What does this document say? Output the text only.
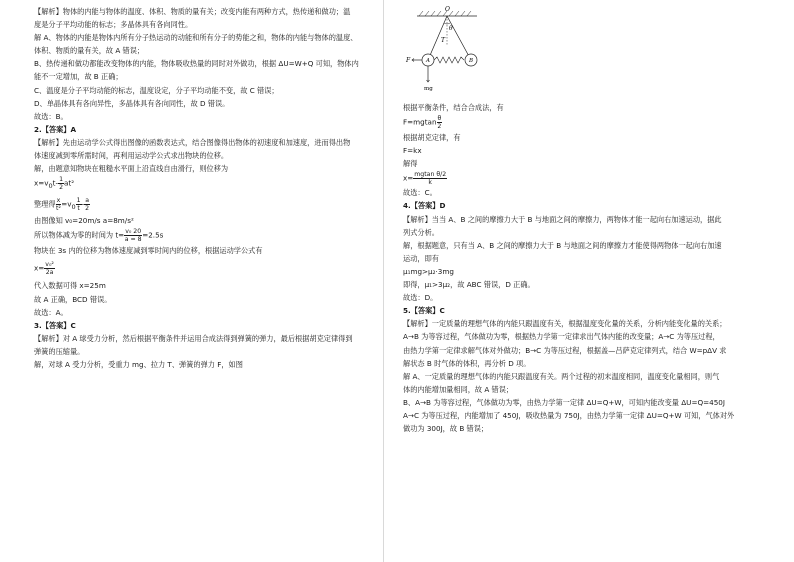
【解析】物体的内能与物体的温度、体积、物质的量有关；改变内能有两种方式，热传递和做功；温

度是分子平均动能的标志；多晶体具有各向同性。

解 A、物体的内能是物体内所有分子热运动的动能和所有分子的势能之和，物体的内能与物体的温度、

体积、物质的量有关，故 A 错误；

B、热传递和做功都能改变物体的内能，物体吸收热量的同时对外做功，根据 ΔU=W+Q 可知，物体内

能不一定增加，故 B 正确；

C、温度是分子平均动能的标志，温度设定，分子平均动能不变，故 C 错误；

D、单晶体具有各向异性，多晶体具有各向同性，故 D 错误。

故选：B。

2.【答案】A

【解析】先由运动学公式得出图像的函数表达式，结合图像得出物体的初速度和加速度，进而得出物

体速度减到零所需时间，再利用运动学公式求出物块的位移。

解，由题意知物块在粗糙水平面上沿直线自由滑行，则位移为

$x=v_0t- \frac{1}{2} at^2$

整理得 $\frac{x}{\text{t²}} =v_0 \frac{1}{t} - \frac{a}{2}$

由图像知 v₀=20m/s a=8m/s²

所以物体减为零的时间为 $t= \frac{\text{v₀ 20}}{a = 8} =2.5s$

物块在 3s 内的位移为物体速度减到零时间内的位移，根据运动学公式有

$x= \frac{\text{v₀²}}{2a}$

代入数据可得 x=25m

故 A 正确，BCD 错误。

故选：A。

3.【答案】C

【解析】对 A 球受力分析，然后根据平衡条件并运用合成法得到弹簧的弹力，最后根据胡克定律得到

弹簧的压缩量。

解，对球 A 受力分析，受重力 mg、拉力 T、弹簧的弹力 F，如图

O
θ
T
F	A	B
mg

根据平衡条件，结合合成法，有

$F=mgtan \frac{\theta}{2}$

根据胡克定律，有

F=kx

解得

$x= \frac{\text{mgtan θ/2}}{k}$

故选：C。

4.【答案】D

【解析】当当 A、B 之间的摩擦力大于 B 与地面之间的摩擦力，两物体才能一起向右加速运动，据此

列式分析。

解，根据题意，只有当 A、B 之间的摩擦力大于 B 与地面之间的摩擦力才能使得两物体一起向右加速

运动，即有

μ₁mg>μ₂·3mg

即得，μ₁>3μ₂，故 ABC 错误，D 正确。

故选：D。

5.【答案】C

【解析】一定质量的理想气体的内能只跟温度有关，根据温度变化量的关系，分析内能变化量的关系；

A→B 为等容过程，气体做功为零，根据热力学第一定律求出气体内能的改变量；A→C 为等压过程，

由热力学第一定律求解气体对外做功；B→C 为等压过程，根据盖—吕萨克定律列式，结合 W=pΔV 求

解状态 B 时气体的体积，再分析 D 项。

解 A、一定质量的理想气体的内能只跟温度有关。两个过程的初末温度相同，温度变化量相同，则气

体的内能增加量相同，故 A 错误；

B、A→B 为等容过程，气体做功为零，由热力学第一定律 ΔU=Q+W，可知内能改变量 ΔU=Q=450J

A→C 为等压过程，内能增加了 450J，吸收热量为 750J，由热力学第一定律 ΔU=Q+W 可知，气体对外

做功为 300J，故 B 错误；
